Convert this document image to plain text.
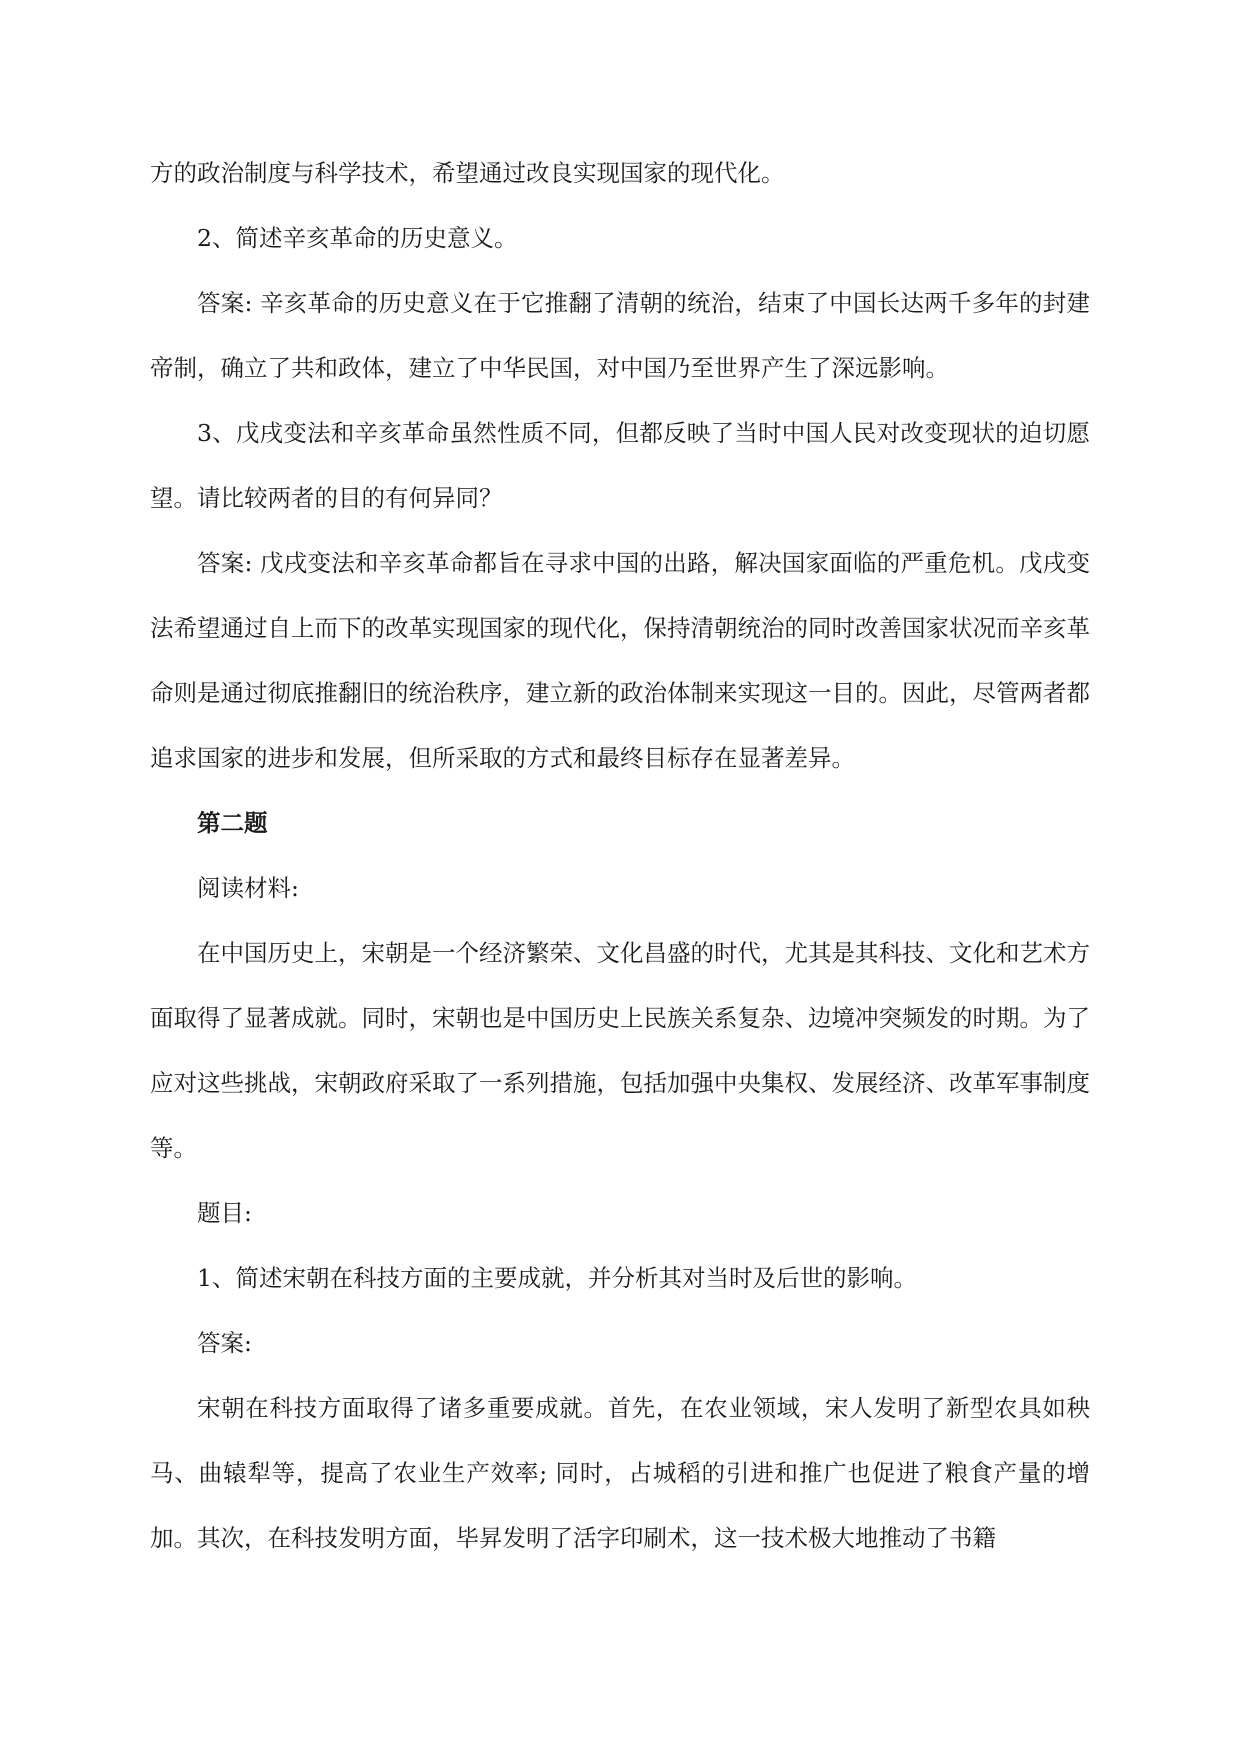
方的政治制度与科学技术，希望通过改良实现国家的现代化。

2、简述辛亥革命的历史意义。

答案: 辛亥革命的历史意义在于它推翻了清朝的统治，结束了中国长达两千多年的封建帝制，确立了共和政体，建立了中华民国，对中国乃至世界产生了深远影响。

3、戊戌变法和辛亥革命虽然性质不同，但都反映了当时中国人民对改变现状的迫切愿望。请比较两者的目的有何异同？

答案: 戊戌变法和辛亥革命都旨在寻求中国的出路，解决国家面临的严重危机。戊戌变法希望通过自上而下的改革实现国家的现代化，保持清朝统治的同时改善国家状况而辛亥革命则是通过彻底推翻旧的统治秩序，建立新的政治体制来实现这一目的。因此，尽管两者都追求国家的进步和发展，但所采取的方式和最终目标存在显著差异。

第二题

阅读材料:

在中国历史上，宋朝是一个经济繁荣、文化昌盛的时代，尤其是其科技、文化和艺术方面取得了显著成就。同时，宋朝也是中国历史上民族关系复杂、边境冲突频发的时期。为了应对这些挑战，宋朝政府采取了一系列措施，包括加强中央集权、发展经济、改革军事制度等。

题目:

1、简述宋朝在科技方面的主要成就，并分析其对当时及后世的影响。

答案:

宋朝在科技方面取得了诸多重要成就。首先，在农业领域，宋人发明了新型农具如秧马、曲辕犁等，提高了农业生产效率; 同时，占城稻的引进和推广也促进了粮食产量的增加。其次，在科技发明方面，毕昇发明了活字印刷术，这一技术极大地推动了书籍
